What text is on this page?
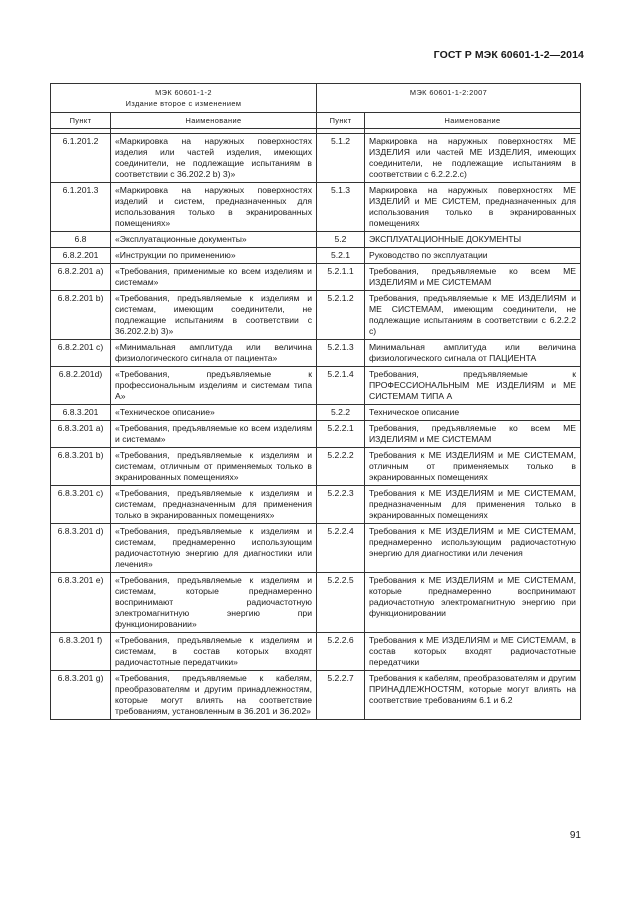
ГОСТ Р МЭК 60601-1-2—2014
МЭК 60601-1-2
Издание второе с изменением		МЭК 60601-1-2:2007	

Пункт	Наименование	Пункт	Наименование

6.1.201.2	«Маркировка на наружных поверхностях изделия или частей изделия, имеющих соединители, не подлежащие испытаниям в соответствии с 36.202.2 b) 3)»	5.1.2	Маркировка на наружных поверхностях МЕ ИЗДЕЛИЯ или частей МЕ ИЗДЕЛИЯ, имеющих соединители, не подлежащие испытаниям в соответствии с 6.2.2.2.c)
6.1.201.3	«Маркировка на наружных поверхностях изделий и систем, предназначенных для использования только в экранированных помещениях»	5.1.3	Маркировка на наружных поверхностях МЕ ИЗДЕЛИЙ и МЕ СИСТЕМ, предназначенных для использования только в экранированных помещениях
6.8	«Эксплуатационные документы»	5.2	ЭКСПЛУАТАЦИОННЫЕ ДОКУМЕНТЫ
6.8.2.201	«Инструкции по применению»	5.2.1	Руководство по эксплуатации
6.8.2.201 a)	«Требования, применимые ко всем изделиям и системам»	5.2.1.1	Требования, предъявляемые ко всем МЕ ИЗДЕЛИЯМ и МЕ СИСТЕМАМ
6.8.2.201 b)	«Требования, предъявляемые к изделиям и системам, имеющим соединители, не подлежащие испытаниям в соответствии с 36.202.2.b) 3)»	5.2.1.2	Требования, предъявляемые к МЕ ИЗДЕЛИЯМ и МЕ СИСТЕМАМ, имеющим соединители, не подлежащие испытаниям в соответствии с 6.2.2.2 c)
6.8.2.201 c)	«Минимальная амплитуда или величина физиологического сигнала от пациента»	5.2.1.3	Минимальная амплитуда или величина физиологического сигнала от ПАЦИЕНТА
6.8.2.201d)	«Требования, предъявляемые к профессиональным изделиям и системам типа А»	5.2.1.4	Требования, предъявляемые к ПРОФЕССИОНАЛЬНЫМ МЕ ИЗДЕЛИЯМ и МЕ СИСТЕМАМ ТИПА А
6.8.3.201	«Техническое описание»	5.2.2	Техническое описание
6.8.3.201 a)	«Требования, предъявляемые ко всем изделиям и системам»	5.2.2.1	Требования, предъявляемые ко всем МЕ ИЗДЕЛИЯМ и МЕ СИСТЕМАМ
6.8.3.201 b)	«Требования, предъявляемые к изделиям и системам, отличным от применяемых только в экранированных помещениях»	5.2.2.2	Требования к МЕ ИЗДЕЛИЯМ и МЕ СИСТЕМАМ, отличным от применяемых только в экранированных помещениях
6.8.3.201 c)	«Требования, предъявляемые к изделиям и системам, предназначенным для применения только в экранированных помещениях»	5.2.2.3	Требования к МЕ ИЗДЕЛИЯМ и МЕ СИСТЕМАМ, предназначенным для применения только в экранированных помещениях
6.8.3.201 d)	«Требования, предъявляемые к изделиям и системам, преднамеренно использующим радиочастотную энергию для диагностики или лечения»	5.2.2.4	Требования к МЕ ИЗДЕЛИЯМ и МЕ СИСТЕМАМ, преднамеренно использующим радиочастотную энергию для диагностики или лечения
6.8.3.201 e)	«Требования, предъявляемые к изделиям и системам, которые преднамеренно воспринимают радиочастотную электромагнитную энергию при функционировании»	5.2.2.5	Требования к МЕ ИЗДЕЛИЯМ и МЕ СИСТЕМАМ, которые преднамеренно воспринимают радиочастотную электромагнитную энергию при функционировании
6.8.3.201 f)	«Требования, предъявляемые к изделиям и системам, в состав которых входят радиочастотные передатчики»	5.2.2.6	Требования к МЕ ИЗДЕЛИЯМ и МЕ СИСТЕМАМ, в состав которых входят радиочастотные передатчики
6.8.3.201 g)	«Требования, предъявляемые к кабелям, преобразователям и другим принадлежностям, которые могут влиять на соответствие требованиям, установленным в 36.201 и 36.202»	5.2.2.7	Требования к кабелям, преобразователям и другим ПРИНАДЛЕЖНОСТЯМ, которые могут влиять на соответствие требованиям 6.1 и 6.2
91
